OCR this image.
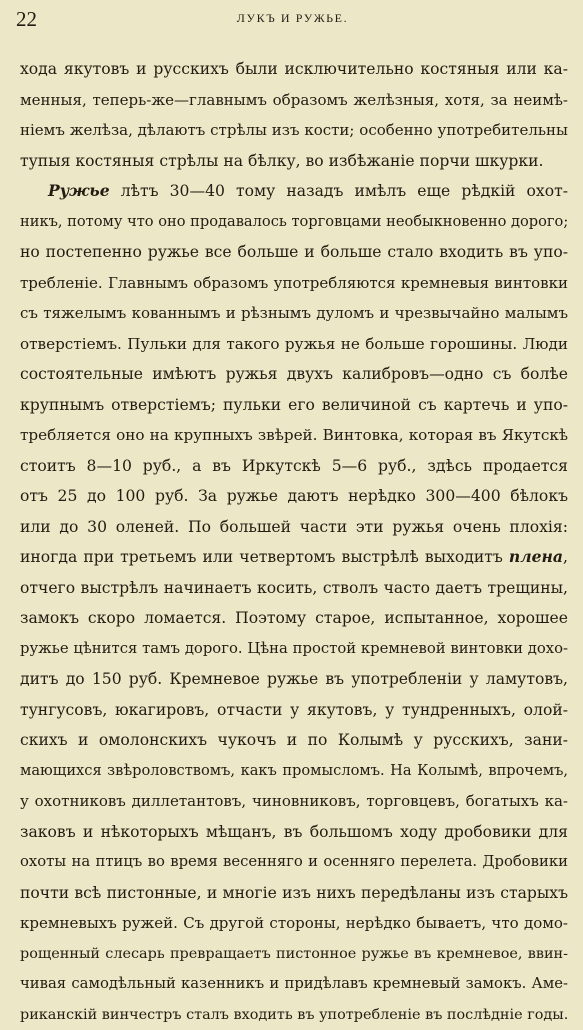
22	ЛУКЪ И РУЖЬЕ.
хода якутовъ и русскихъ были исключительно костяныя или ка-
менныя, теперь-же—главнымъ образомъ желѣзныя, хотя, за неимѣ-
ніемъ желѣза, дѣлаютъ стрѣлы изъ кости; особенно употребительны
тупыя костяныя стрѣлы на бѣлку, во избѣжаніе порчи шкурки.
Ружье лѣтъ 30—40 тому назадъ имѣлъ еще рѣдкій охот-
никъ, потому что оно продавалось торговцами необыкновенно дорого;
но постепенно ружье все больше и больше стало входить въ упо-
требленіе. Главнымъ образомъ употребляются кремневыя винтовки
съ тяжелымъ кованнымъ и рѣзнымъ дуломъ и чрезвычайно малымъ
отверстіемъ. Пульки для такого ружья не больше горошины. Люди
состоятельные имѣютъ ружья двухъ калибровъ—одно съ болѣе
крупнымъ отверстіемъ; пульки его величиной съ картечь и упо-
требляется оно на крупныхъ звѣрей. Винтовка, которая въ Якутскѣ
стоитъ 8—10 руб., а въ Иркутскѣ 5—6 руб., здѣсь продается
отъ 25 до 100 руб. За ружье даютъ нерѣдко 300—400 бѣлокъ
или до 30 оленей. По большей части эти ружья очень плохія:
иногда при третьемъ или четвертомъ выстрѣлѣ выходитъ плена,
отчего выстрѣлъ начинаетъ косить, стволъ часто даетъ трещины,
замокъ скоро ломается. Поэтому старое, испытанное, хорошее
ружье цѣнится тамъ дорого. Цѣна простой кремневой винтовки дохо-
дитъ до 150 руб. Кремневое ружье въ употребленіи у ламутовъ,
тунгусовъ, юкагировъ, отчасти у якутовъ, у тундренныхъ, олой-
скихъ и омолонскихъ чукочъ и по Колымѣ у русскихъ, зани-
мающихся звѣроловствомъ, какъ промысломъ. На Колымѣ, впрочемъ,
у охотниковъ диллетантовъ, чиновниковъ, торговцевъ, богатыхъ ка-
заковъ и нѣкоторыхъ мѣщанъ, въ большомъ ходу дробовики для
охоты на птицъ во время весенняго и осенняго перелета. Дробовики
почти всѣ пистонные, и многіе изъ нихъ передѣланы изъ старыхъ
кремневыхъ ружей. Съ другой стороны, нерѣдко бываетъ, что домо-
рощенный слесарь превращаетъ пистонное ружье въ кремневое, ввин-
чивая самодѣльный казенникъ и придѣлавъ кремневый замокъ. Аме-
риканскій винчестръ сталъ входить въ употребленіе въ послѣдніе годы.
